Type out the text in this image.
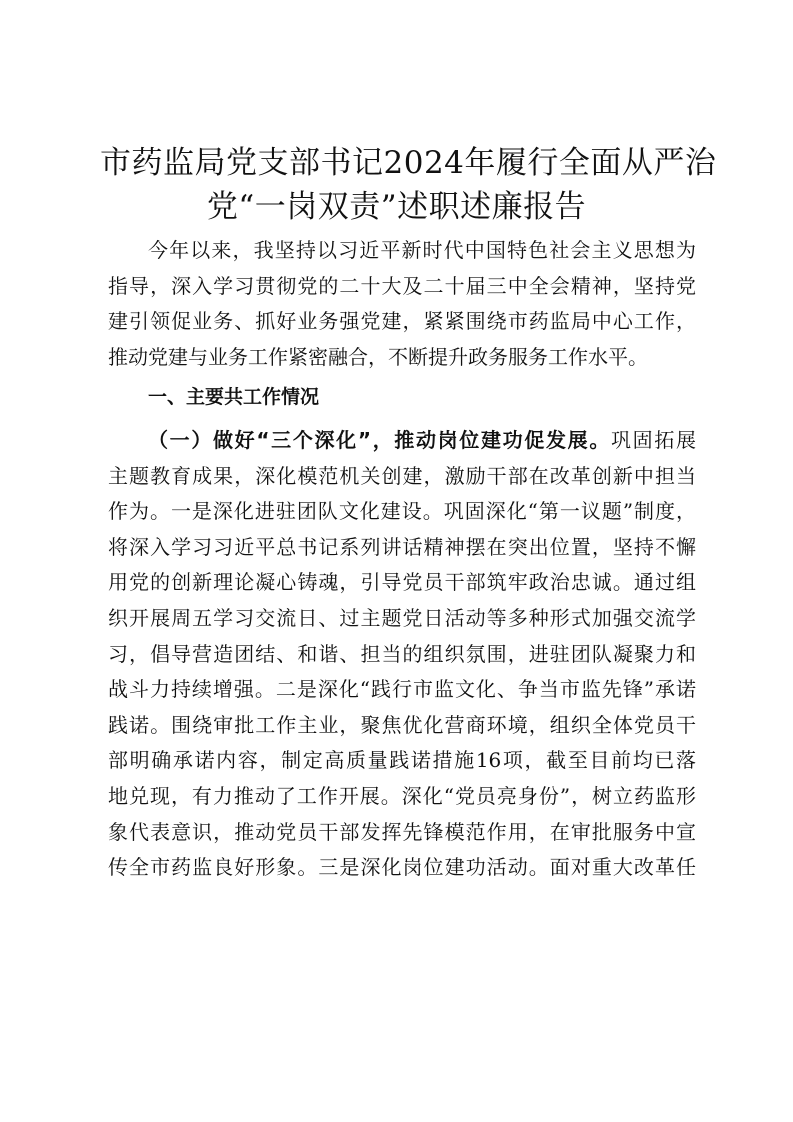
市药监局党支部书记2024年履行全面从严治
党“一岗双责”述职述廉报告
今年以来，我坚持以习近平新时代中国特色社会主义思想为
指导，深入学习贯彻党的二十大及二十届三中全会精神，坚持党
建引领促业务、抓好业务强党建，紧紧围绕市药监局中心工作，
推动党建与业务工作紧密融合，不断提升政务服务工作水平。
一、主要共工作情况
（一）做好“三个深化”，推动岗位建功促发展。巩固拓展
主题教育成果，深化模范机关创建，激励干部在改革创新中担当
作为。一是深化进驻团队文化建设。巩固深化“第一议题”制度，
将深入学习习近平总书记系列讲话精神摆在突出位置，坚持不懈
用党的创新理论凝心铸魂，引导党员干部筑牢政治忠诚。通过组
织开展周五学习交流日、过主题党日活动等多种形式加强交流学
习，倡导营造团结、和谐、担当的组织氛围，进驻团队凝聚力和
战斗力持续增强。二是深化“践行市监文化、争当市监先锋”承诺
践诺。围绕审批工作主业，聚焦优化营商环境，组织全体党员干
部明确承诺内容，制定高质量践诺措施16项，截至目前均已落
地兑现，有力推动了工作开展。深化“党员亮身份”，树立药监形
象代表意识，推动党员干部发挥先锋模范作用，在审批服务中宣
传全市药监良好形象。三是深化岗位建功活动。面对重大改革任
